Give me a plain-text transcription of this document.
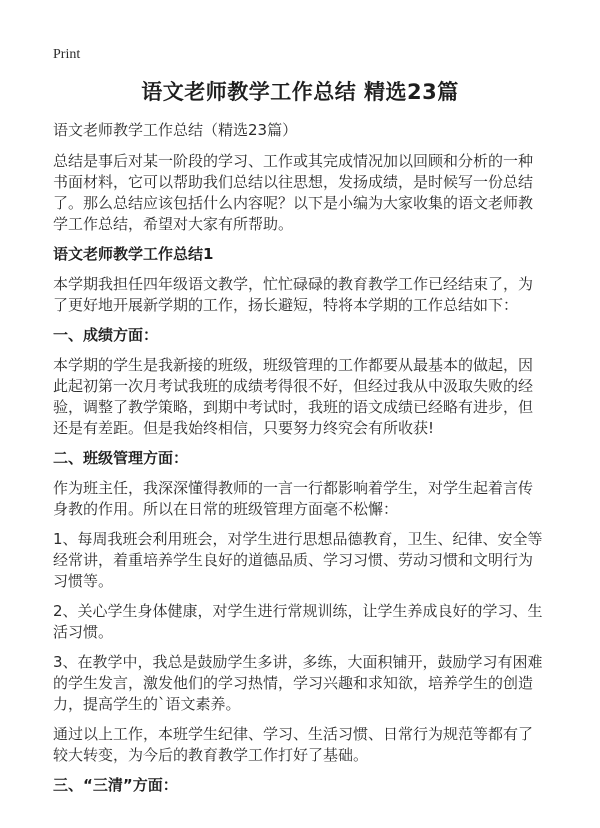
Print
语文老师教学工作总结 精选23篇
语文老师教学工作总结（精选23篇）

总结是事后对某一阶段的学习、工作或其完成情况加以回顾和分析的一种书面材料，它可以帮助我们总结以往思想，发扬成绩，是时候写一份总结了。那么总结应该包括什么内容呢？以下是小编为大家收集的语文老师教学工作总结，希望对大家有所帮助。

语文老师教学工作总结1

本学期我担任四年级语文教学，忙忙碌碌的教育教学工作已经结束了，为了更好地开展新学期的工作，扬长避短，特将本学期的工作总结如下：

一、成绩方面：

本学期的学生是我新接的班级，班级管理的工作都要从最基本的做起，因此起初第一次月考试我班的成绩考得很不好，但经过我从中汲取失败的经验，调整了教学策略，到期中考试时，我班的语文成绩已经略有进步，但还是有差距。但是我始终相信，只要努力终究会有所收获!

二、班级管理方面：

作为班主任，我深深懂得教师的一言一行都影响着学生，对学生起着言传身教的作用。所以在日常的班级管理方面毫不松懈：

1、每周我班会利用班会，对学生进行思想品德教育，卫生、纪律、安全等经常讲，着重培养学生良好的道德品质、学习习惯、劳动习惯和文明行为习惯等。

2、关心学生身体健康，对学生进行常规训练，让学生养成良好的学习、生活习惯。

3、在教学中，我总是鼓励学生多讲，多练，大面积铺开，鼓励学习有困难的学生发言，激发他们的学习热情，学习兴趣和求知欲，培养学生的创造力，提高学生的`语文素养。

通过以上工作，本班学生纪律、学习、生活习惯、日常行为规范等都有了较大转变，为今后的教育教学工作打好了基础。

三、“三清”方面：
